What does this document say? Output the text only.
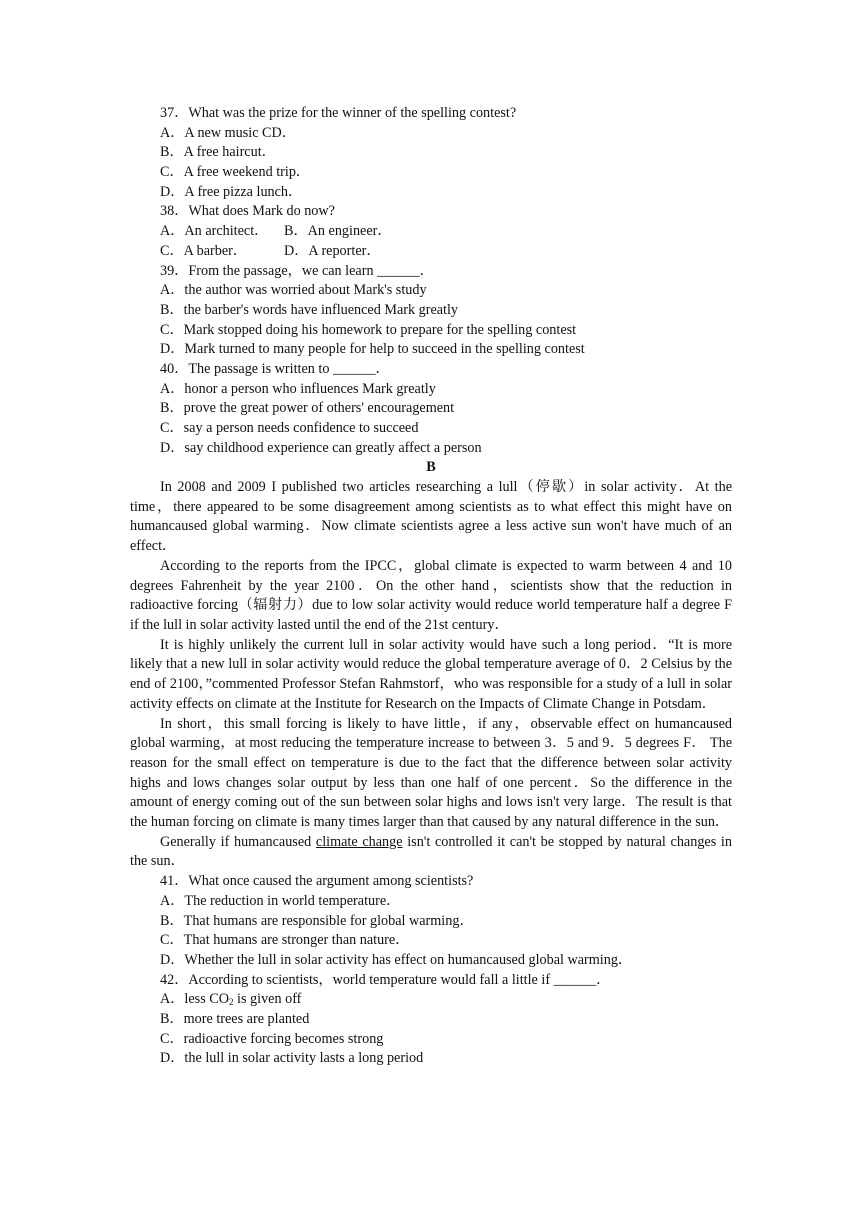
37．What was the prize for the winner of the spelling contest?
A．A new music CD．
B．A free haircut．
C．A free weekend trip．
D．A free pizza lunch．
38．What does Mark do now?
A．An architect． B．An engineer．
C．A barber．	D．A reporter．
39．From the passage，we can learn ______．
A．the author was worried about Mark's study
B．the barber's words have influenced Mark greatly
C．Mark stopped doing his homework to prepare for the spelling contest
D．Mark turned to many people for help to succeed in the spelling contest
40．The passage is written to ______．
A．honor a person who influences Mark greatly
B．prove the great power of others' encouragement
C．say a person needs confidence to succeed
D．say childhood experience can greatly affect a person
B

In 2008 and 2009 I published two articles researching a lull（停歇）in solar activity．At the time，there appeared to be some disagreement among scientists as to what effect this might have on humancaused global warming．Now climate scientists agree a less active sun won't have much of an effect．

According to the reports from the IPCC，global climate is expected to warm between 4 and 10 degrees Fahrenheit by the year 2100．On the other hand，scientists show that the reduction in radioactive forcing（辐射力）due to low solar activity would reduce world temperature half a degree F if the lull in solar activity lasted until the end of the 21st century．

It is highly unlikely the current lull in solar activity would have such a long period．“It is more likely that a new lull in solar activity would reduce the global temperature average of 0．2 Celsius by the end of 2100，”commented Professor Stefan Rahmstorf，who was responsible for a study of a lull in solar activity effects on climate at the Institute for Research on the Impacts of Climate Change in Potsdam．

In short，this small forcing is likely to have little，if any，observable effect on humancaused global warming，at most reducing the temperature increase to between 3．5 and 9．5 degrees F． The reason for the small effect on temperature is due to the fact that the difference between solar activity highs and lows changes solar output by less than one half of one percent．So the difference in the amount of energy coming out of the sun between solar highs and lows isn't very large．The result is that the human forcing on climate is many times larger than that caused by any natural difference in the sun．

Generally if humancaused climate change isn't controlled it can't be stopped by natural changes in the sun．

41．What once caused the argument among scientists?
A．The reduction in world temperature．
B．That humans are responsible for global warming．
C．That humans are stronger than nature．
D．Whether the lull in solar activity has effect on humancaused global warming．
42．According to scientists，world temperature would fall a little if ______．
A．less $CO_2$ is given off
B．more trees are planted
C．radioactive forcing becomes strong
D．the lull in solar activity lasts a long period
